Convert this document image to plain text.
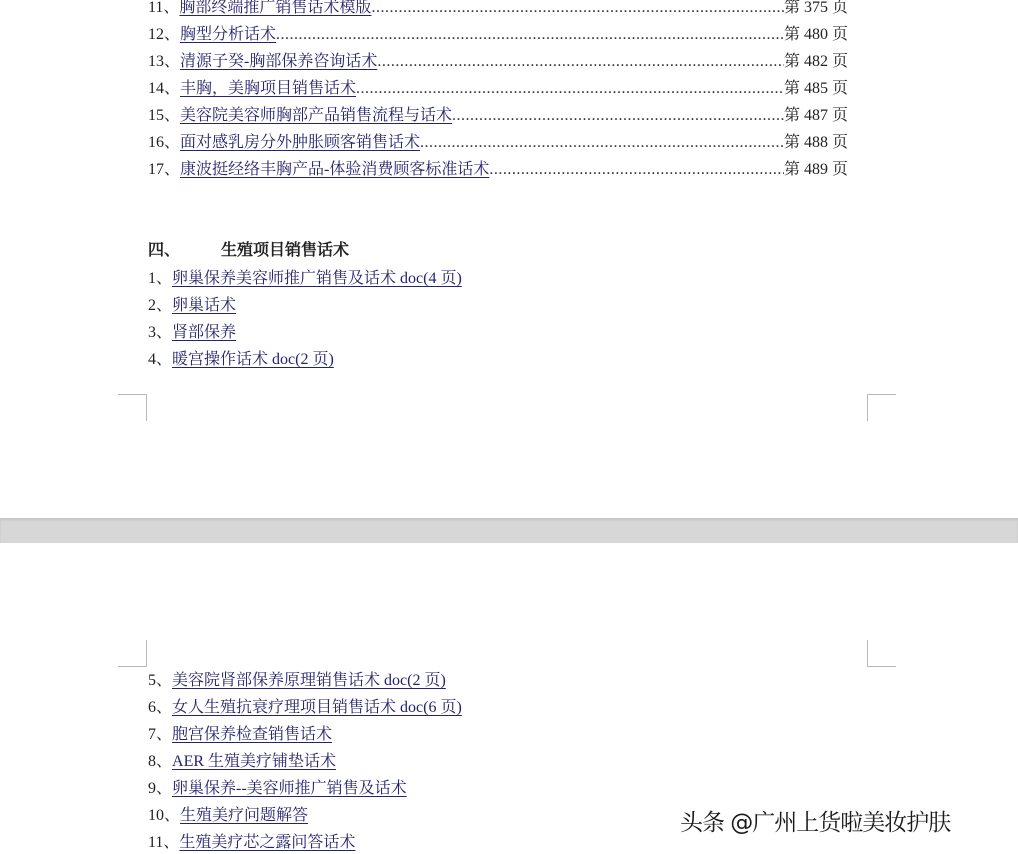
11、 胸部终端推广销售话术模版 .....	第 375 页
12、 胸型分析话术 .....	第 480 页
13、 清源子癸-胸部保养咨询话术 .....	第 482 页
14、 丰胸，美胸项目销售话术 .....	第 485 页
15、 美容院美容师胸部产品销售流程与话术 .....	第 487 页
16、 面对感乳房分外肿胀顾客销售话术 .....	第 488 页
17、 康波挺经络丰胸产品-体验消费顾客标准话术 .....	第 489 页
四、	生殖项目销售话术
1、 卵巢保养美容师推广销售及话术 doc(4 页)
2、 卵巢话术
3、 肾部保养
4、 暖宫操作话术 doc(2 页)
5、 美容院肾部保养原理销售话术 doc(2 页)
6、 女人生殖抗衰疗理项目销售话术 doc(6 页)
7、 胞宫保养检查销售话术
8、 AER 生殖美疗铺垫话术
9、 卵巢保养--美容师推广销售及话术
10、 生殖美疗问题解答
11、 生殖美疗芯之露问答话术
头条 @广州上货啦美妆护肤
